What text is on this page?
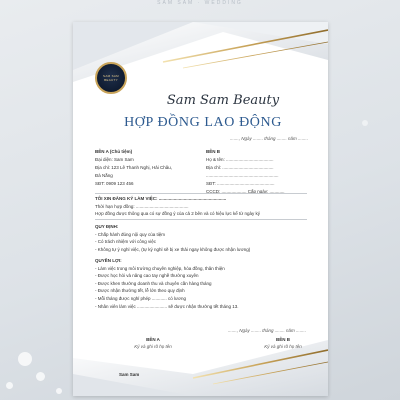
SAM SAM · WEDDING
SAM SAM
BEAUTY
Sam Sam Beauty
HỢP ĐỒNG LAO ĐỘNG
......., Ngày ........ tháng ........ năm ........
BÊN A (Chủ tiệm)
Đại diện: Sam Sam
Địa chỉ: 123 Lê Thanh Nghị, Hải Châu,
Đà Nẵng
SĐT: 0909 123 456
BÊN B
Họ & tên: ......................................
Địa chỉ: .........................................
..........................................................
SĐT: ..............................................
CCCD: .................... Cấp ngày: ............
TÔI XIN ĐĂNG KÝ LÀM VIỆC: ......................................................
Thời hạn hợp đồng: ..........................................
Hợp đồng được thông qua có sự đồng ý của cả 2 bên và có hiệu lực kể từ ngày ký
QUY ĐỊNH:
- Chấp hành đúng nội quy của tiệm
- Có trách nhiệm với công việc
- Không tự ý nghỉ việc, (tự ký nghỉ sẽ bị xe thải ngay không được nhận lương)
QUYỀN LỢI:
- Làm việc trong môi trường chuyên nghiệp, hòa đồng, thân thiện
- Được học hỏi và nâng cao tay nghề thường xuyên
- Được khen thưởng doanh thu và chuyên cần hàng tháng
- Được nhận thưởng tết, lễ lớn theo quy định
- Mỗi tháng được nghỉ phép ............ có lương
- Nhân viên làm việc ........................ sẽ được nhận thưởng tết tháng 13.
......., Ngày ........ tháng ........ năm ........
BÊN A
Ký và ghi rõ họ tên
BÊN B
Ký và ghi rõ họ tên
Sam Sam
